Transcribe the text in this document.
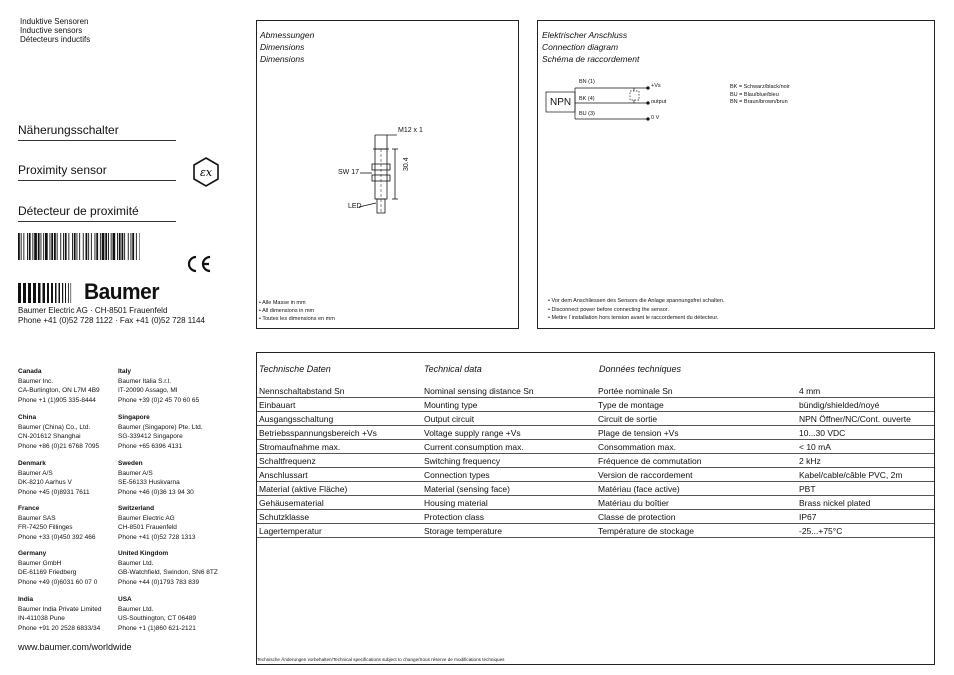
Induktive Sensoren
Inductive sensors
Détecteurs inductifs
Näherungsschalter
Proximity sensor
Détecteur de proximité
εx
Baumer
Baumer Electric AG · CH-8501 Frauenfeld
Phone +41 (0)52 728 1122 · Fax +41 (0)52 728 1144
Canada
Baumer Inc.
CA-Burlington, ON L7M 4B9
Phone +1 (1)905 335-8444
Italy
Baumer Italia S.r.l.
IT-20090 Assago, MI
Phone +39 (0)2 45 70 60 65
China
Baumer (China) Co., Ltd.
CN-201612 Shanghai
Phone +86 (0)21 6768 7095
Singapore
Baumer (Singapore) Pte. Ltd.
SG-339412 Singapore
Phone +65 6396 4131
Denmark
Baumer A/S
DK-8210 Aarhus V
Phone +45 (0)8931 7611
Sweden
Baumer A/S
SE-56133 Huskvarna
Phone +46 (0)36 13 94 30
France
Baumer SAS
FR-74250 Fillinges
Phone +33 (0)450 392 466
Switzerland
Baumer Electric AG
CH-8501 Frauenfeld
Phone +41 (0)52 728 1313
Germany
Baumer GmbH
DE-61169 Friedberg
Phone +49 (0)6031 60 07 0
United Kingdom
Baumer Ltd.
GB-Watchfield, Swindon, SN6 8TZ
Phone +44 (0)1793 783 839
India
Baumer India Private Limited
IN-411038 Pune
Phone +91 20 2528 6833/34
USA
Baumer Ltd.
US-Southington, CT 06489
Phone +1 (1)860 621-2121
www.baumer.com/worldwide
Abmessungen
Dimensions
Dimensions
M12 x 1
SW 17
30.4
LED
• Alle Masse in mm
• All dimensions in mm
• Toutes les dimensions en mm
Elektrischer Anschluss
Connection diagram
Schéma de raccordement
NPN
BN (1)
BK (4)
BU (3)
+Vs
output
0 V
BK = Schwarz/black/noir
BU = Blau/blue/bleu
BN = Braun/brown/brun
• Vor dem Anschliessen des Sensors die Anlage spannungsfrei schalten.
• Disconnect power before connecting the sensor.
• Mettre l´installation hors tension avant le raccordement du détecteur.
Technische Daten	Technical data	Données techniques
Nennschaltabstand Sn	Nominal sensing distance Sn	Portée nominale Sn	4 mm
Einbauart	Mounting type	Type de montage	bündig/shielded/noyé
Ausgangsschaltung	Output circuit	Circuit de sortie	NPN Öffner/NC/Cont. ouverte
Betriebsspannungsbereich +Vs	Voltage supply range +Vs	Plage de tension +Vs	10...30 VDC
Stromaufnahme max.	Current consumption max.	Consommation max.	< 10 mA
Schaltfrequenz	Switching frequency	Fréquence de commutation	2 kHz
Anschlussart	Connection types	Version de raccordement	Kabel/cable/câble PVC, 2m
Material (aktive Fläche)	Material (sensing face)	Matériau (face active)	PBT
Gehäusematerial	Housing material	Matériau du boîtier	Brass nickel plated
Schutzklasse	Protection class	Classe de protection	IP67
Lagertemperatur	Storage temperature	Température de stockage	-25...+75°C
Technische Änderungen vorbehalten/Technical specifications subject to change/Sous réserve de modifications techniques
